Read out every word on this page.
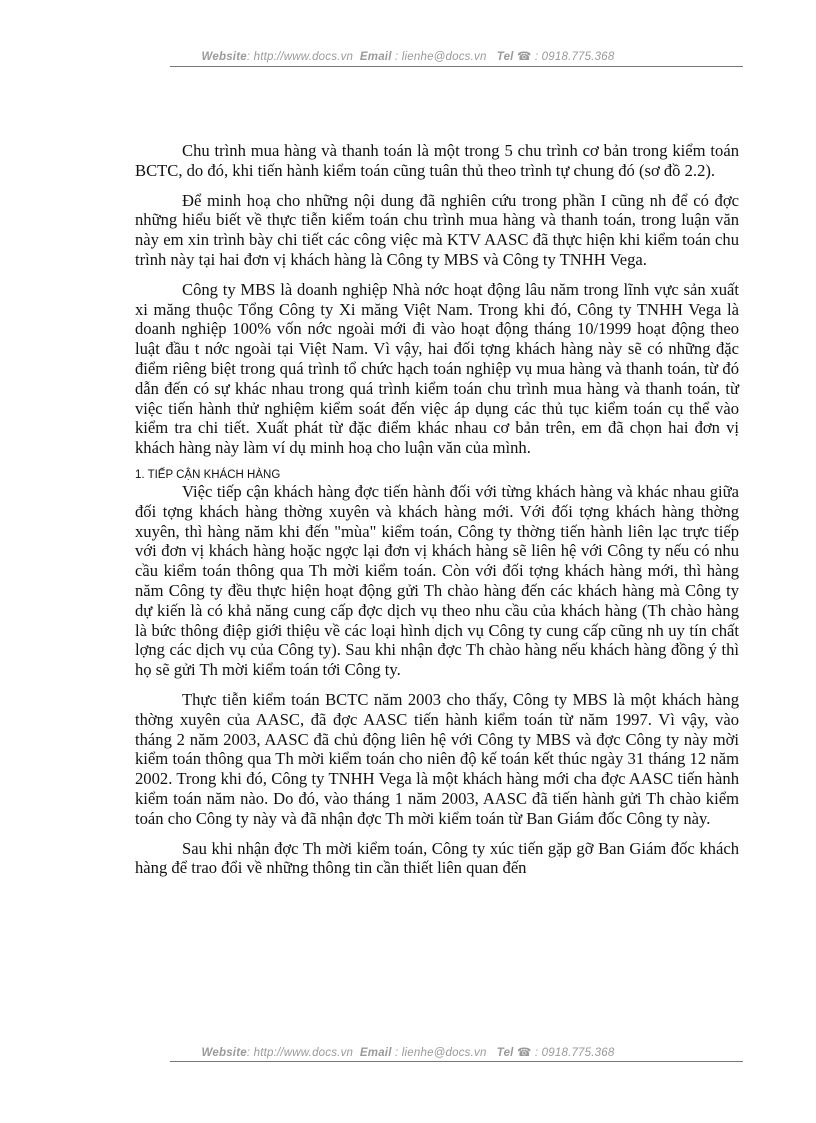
Website: http://www.docs.vn Email : lienhe@docs.vn Tel ☎ : 0918.775.368

Chu trình mua hàng và thanh toán là một trong 5 chu trình cơ bản trong kiểm toán BCTC, do đó, khi tiến hành kiểm toán cũng tuân thủ theo trình tự chung đó (sơ đồ 2.2).

Để minh hoạ cho những nội dung đã nghiên cứu trong phần I cũng nh để có đợc những hiểu biết về thực tiễn kiểm toán chu trình mua hàng và thanh toán, trong luận văn này em xin trình bày chi tiết các công việc mà KTV AASC đã thực hiện khi kiểm toán chu trình này tại hai đơn vị khách hàng là Công ty MBS và Công ty TNHH Vega.

Công ty MBS là doanh nghiệp Nhà nớc hoạt động lâu năm trong lĩnh vực sản xuất xi măng thuộc Tổng Công ty Xi măng Việt Nam. Trong khi đó, Công ty TNHH Vega là doanh nghiệp 100% vốn nớc ngoài mới đi vào hoạt động tháng 10/1999 hoạt động theo luật đầu t nớc ngoài tại Việt Nam. Vì vậy, hai đối tợng khách hàng này sẽ có những đặc điểm riêng biệt trong quá trình tổ chức hạch toán nghiệp vụ mua hàng và thanh toán, từ đó dẫn đến có sự khác nhau trong quá trình kiểm toán chu trình mua hàng và thanh toán, từ việc tiến hành thử nghiệm kiểm soát đến việc áp dụng các thủ tục kiểm toán cụ thể vào kiểm tra chi tiết. Xuất phát từ đặc điểm khác nhau cơ bản trên, em đã chọn hai đơn vị khách hàng này làm ví dụ minh hoạ cho luận văn của mình.

1. TIẾP CẬN KHÁCH HÀNG

Việc tiếp cận khách hàng đợc tiến hành đối với từng khách hàng và khác nhau giữa đối tợng khách hàng thờng xuyên và khách hàng mới. Với đối tợng khách hàng thờng xuyên, thì hàng năm khi đến "mùa" kiểm toán, Công ty thờng tiến hành liên lạc trực tiếp với đơn vị khách hàng hoặc ngợc lại đơn vị khách hàng sẽ liên hệ với Công ty nếu có nhu cầu kiểm toán thông qua Th mời kiểm toán. Còn với đối tợng khách hàng mới, thì hàng năm Công ty đều thực hiện hoạt động gửi Th chào hàng đến các khách hàng mà Công ty dự kiến là có khả năng cung cấp đợc dịch vụ theo nhu cầu của khách hàng (Th chào hàng là bức thông điệp giới thiệu về các loại hình dịch vụ Công ty cung cấp cũng nh uy tín chất lợng các dịch vụ của Công ty). Sau khi nhận đợc Th chào hàng nếu khách hàng đồng ý thì họ sẽ gửi Th mời kiểm toán tới Công ty.

Thực tiễn kiểm toán BCTC năm 2003 cho thấy, Công ty MBS là một khách hàng thờng xuyên của AASC, đã đợc AASC tiến hành kiểm toán từ năm 1997. Vì vậy, vào tháng 2 năm 2003, AASC đã chủ động liên hệ với Công ty MBS và đợc Công ty này mời kiểm toán thông qua Th mời kiểm toán cho niên độ kế toán kết thúc ngày 31 tháng 12 năm 2002. Trong khi đó, Công ty TNHH Vega là một khách hàng mới cha đợc AASC tiến hành kiểm toán năm nào. Do đó, vào tháng 1 năm 2003, AASC đã tiến hành gửi Th chào kiểm toán cho Công ty này và đã nhận đợc Th mời kiểm toán từ Ban Giám đốc Công ty này.

Sau khi nhận đợc Th mời kiểm toán, Công ty xúc tiến gặp gỡ Ban Giám đốc khách hàng để trao đổi về những thông tin cần thiết liên quan đến

Website: http://www.docs.vn Email : lienhe@docs.vn Tel ☎ : 0918.775.368
